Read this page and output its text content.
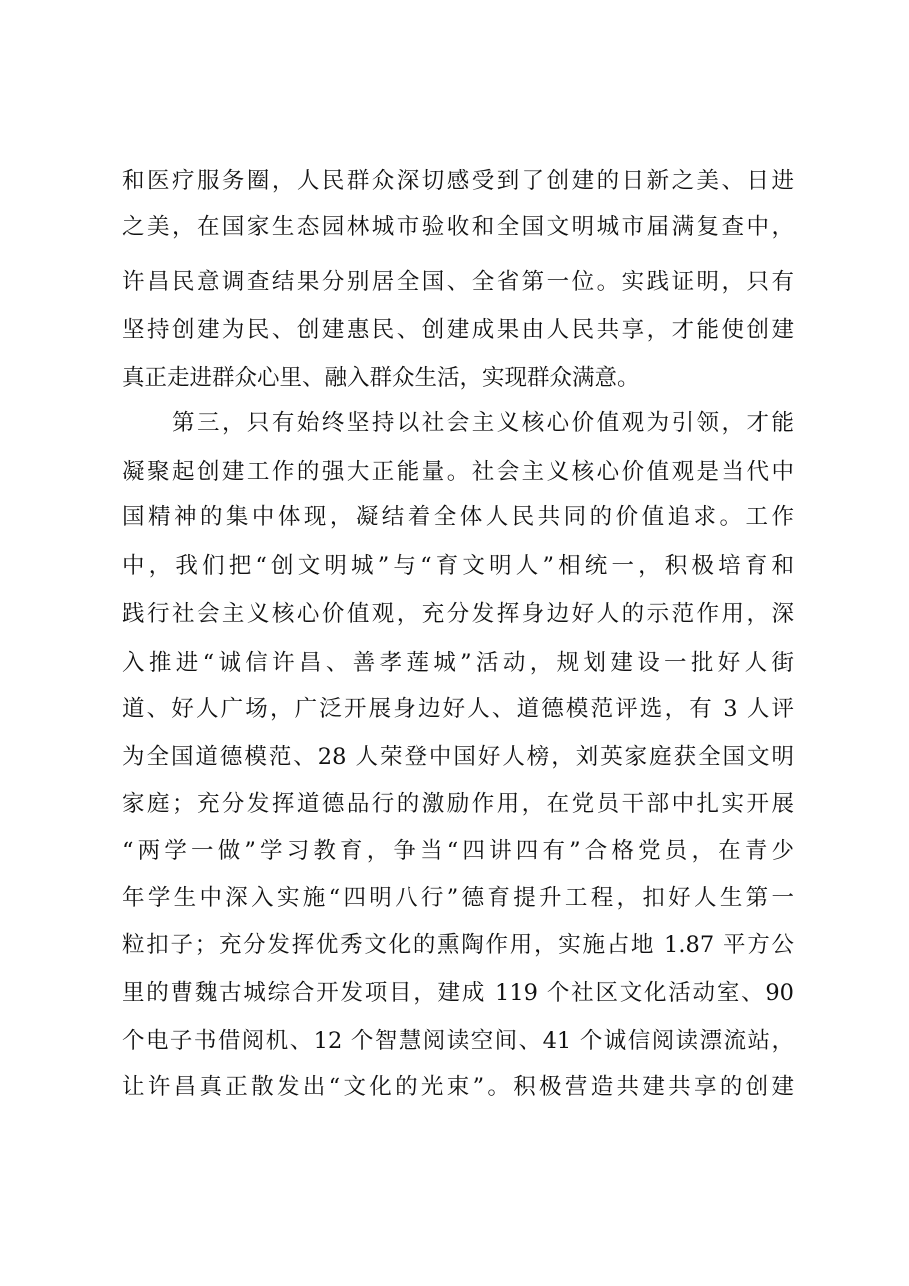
和医疗服务圈，人民群众深切感受到了创建的日新之美、日进
之美，在国家生态园林城市验收和全国文明城市届满复查中，
许昌民意调查结果分别居全国、全省第一位。实践证明，只有
坚持创建为民、创建惠民、创建成果由人民共享，才能使创建
真正走进群众心里、融入群众生活，实现群众满意。
第三，只有始终坚持以社会主义核心价值观为引领，才能
凝聚起创建工作的强大正能量。社会主义核心价值观是当代中
国精神的集中体现，凝结着全体人民共同的价值追求。工作
中，我们把“创文明城”与“育文明人”相统一，积极培育和
践行社会主义核心价值观，充分发挥身边好人的示范作用，深
入推进“诚信许昌、善孝莲城”活动，规划建设一批好人街
道、好人广场，广泛开展身边好人、道德模范评选，有 3 人评
为全国道德模范、28 人荣登中国好人榜，刘英家庭获全国文明
家庭；充分发挥道德品行的激励作用，在党员干部中扎实开展
“两学一做”学习教育，争当“四讲四有”合格党员，在青少
年学生中深入实施“四明八行”德育提升工程，扣好人生第一
粒扣子；充分发挥优秀文化的熏陶作用，实施占地 1.87 平方公
里的曹魏古城综合开发项目，建成 119 个社区文化活动室、90
个电子书借阅机、12 个智慧阅读空间、41 个诚信阅读漂流站，
让许昌真正散发出“文化的光束”。积极营造共建共享的创建
